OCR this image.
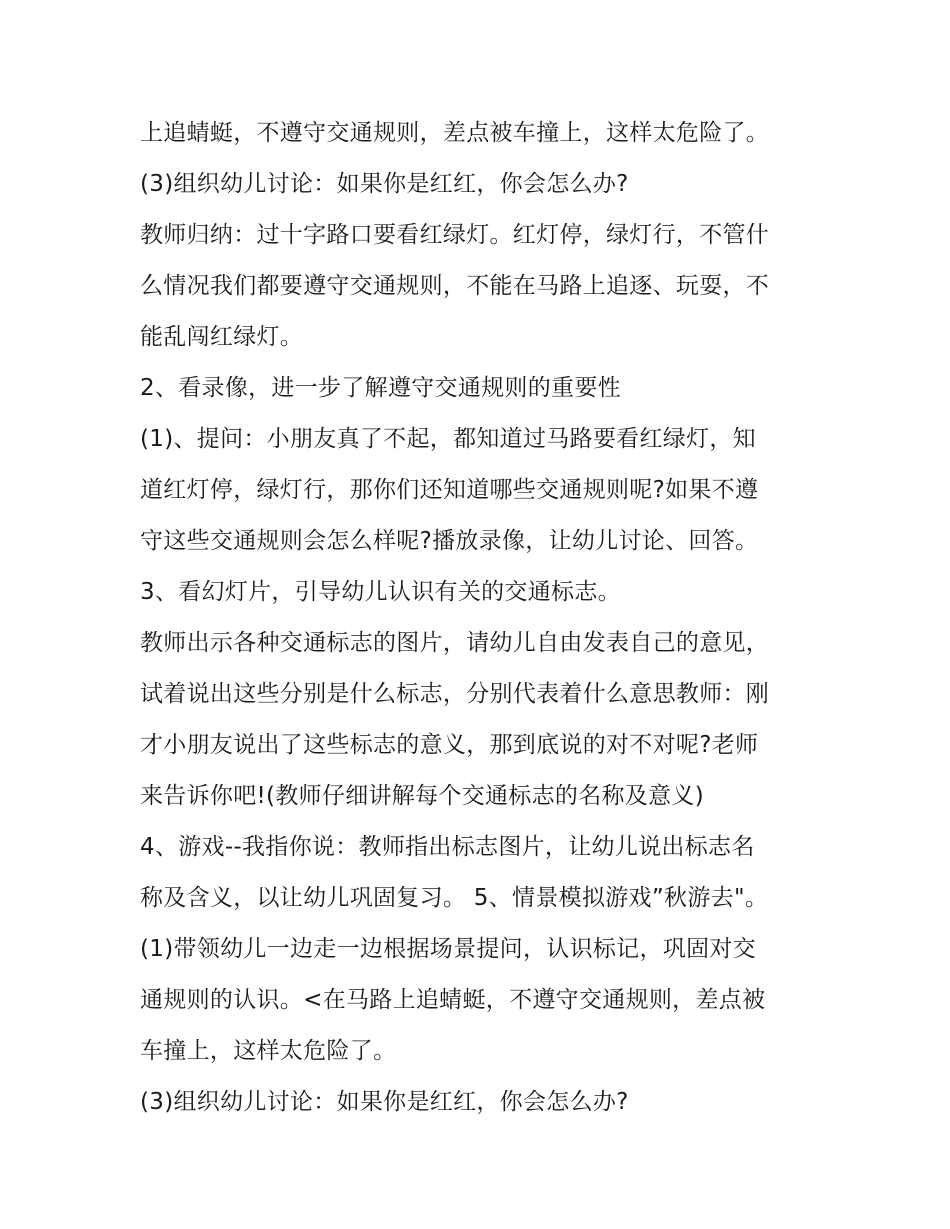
上追蜻蜓，不遵守交通规则，差点被车撞上，这样太危险了。
(3)组织幼儿讨论：如果你是红红，你会怎么办?
教师归纳：过十字路口要看红绿灯。红灯停，绿灯行，不管什
么情况我们都要遵守交通规则，不能在马路上追逐、玩耍，不
能乱闯红绿灯。
2、看录像，进一步了解遵守交通规则的重要性
(1)、提问：小朋友真了不起，都知道过马路要看红绿灯，知
道红灯停，绿灯行，那你们还知道哪些交通规则呢?如果不遵
守这些交通规则会怎么样呢?播放录像，让幼儿讨论、回答。
3、看幻灯片，引导幼儿认识有关的交通标志。
教师出示各种交通标志的图片，请幼儿自由发表自己的意见，
试着说出这些分别是什么标志，分别代表着什么意思教师：刚
才小朋友说出了这些标志的意义，那到底说的对不对呢?老师
来告诉你吧!(教师仔细讲解每个交通标志的名称及意义)
4、游戏--我指你说：教师指出标志图片，让幼儿说出标志名
称及含义，以让幼儿巩固复习。 5、情景模拟游戏”秋游去"。
(1)带领幼儿一边走一边根据场景提问，认识标记，巩固对交
通规则的认识。<在马路上追蜻蜓，不遵守交通规则，差点被
车撞上，这样太危险了。
(3)组织幼儿讨论：如果你是红红，你会怎么办?
